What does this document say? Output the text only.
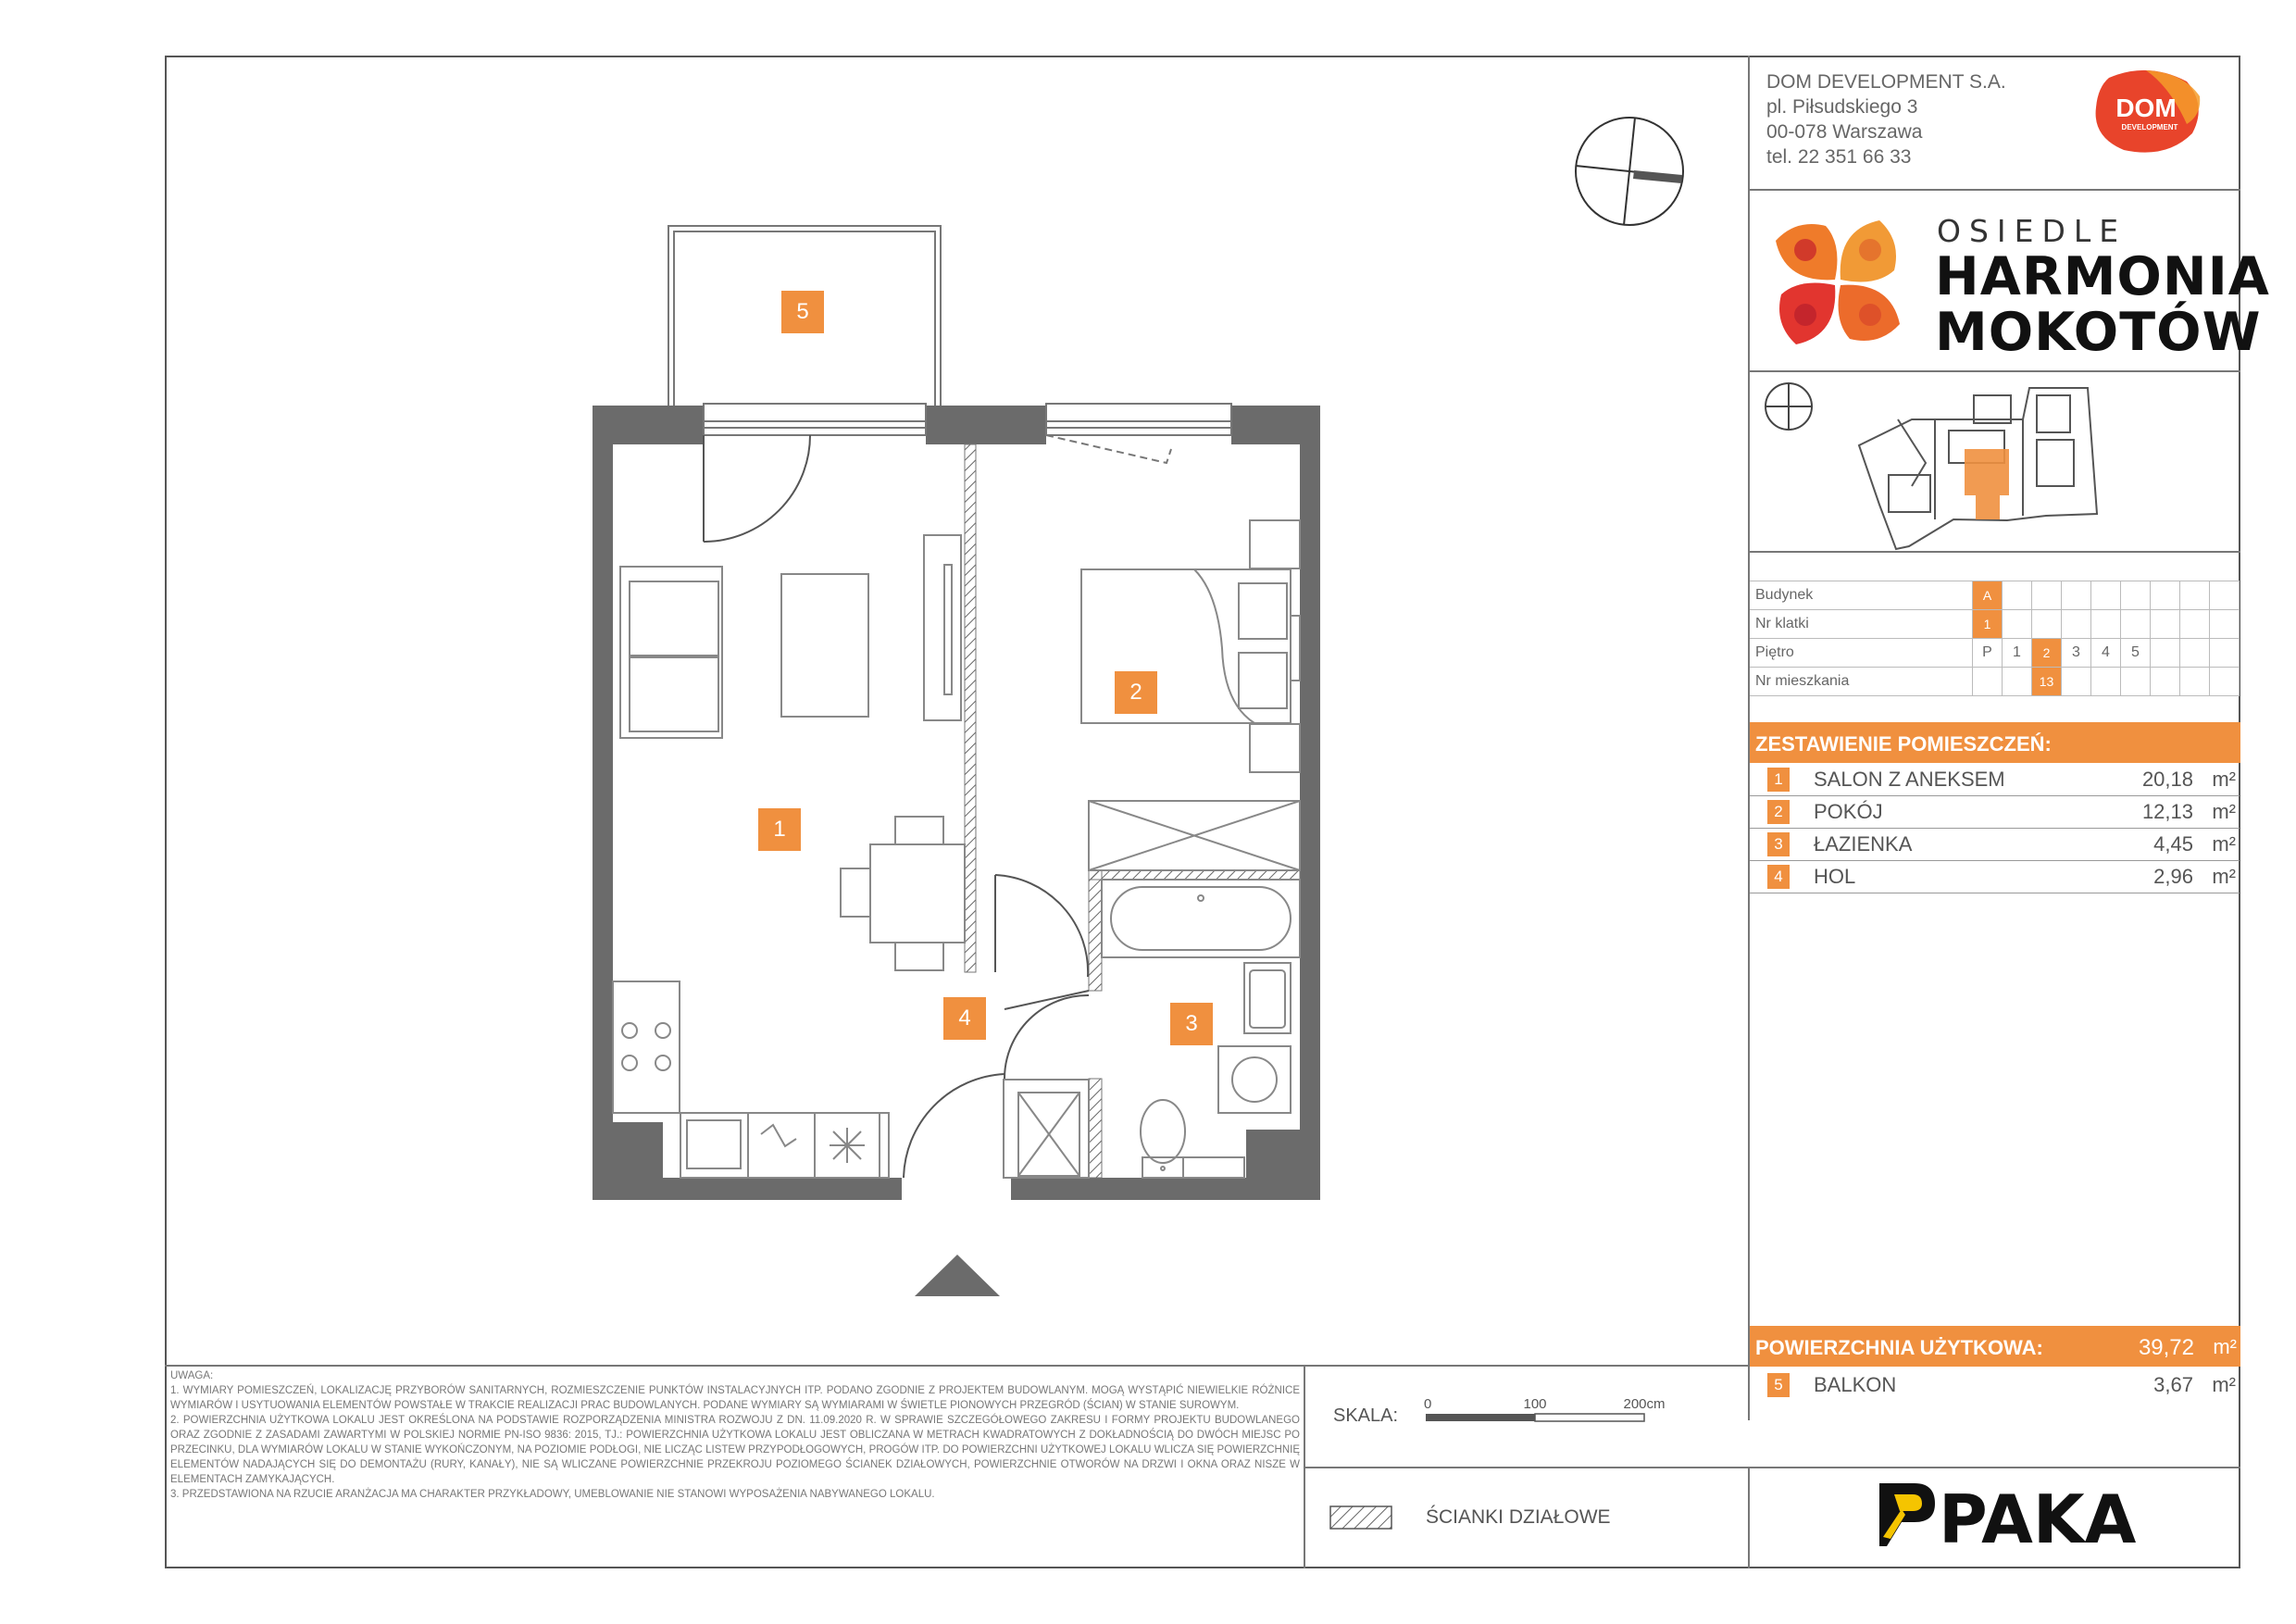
DOM DEVELOPMENT S.A.
pl. Piłsudskiego 3
00-078 Warszawa
tel. 22 351 66 33
DOM
DEVELOPMENT
OSIEDLE
HARMONIA
MOKOTÓW
Budynek	A								
Nr klatki	1								
Piętro	P	1	2	3	4	5			
Nr mieszkania			13						
ZESTAWIENIE POMIESZCZEŃ:
1	SALON Z ANEKSEM	20,18 m²
2	POKÓJ	12,13 m²
3	ŁAZIENKA	4,45 m²
4	HOL	2,96 m²
POWIERZCHNIA UŻYTKOWA:	39,72 m²
5	BALKON	3,67 m²
1
2
3
4
5

UWAGA:

1. WYMIARY POMIESZCZEŃ, LOKALIZACJĘ PRZYBORÓW SANITARNYCH, ROZMIESZCZENIE PUNKTÓW INSTALACYJNYCH ITP. PODANO ZGODNIE Z PROJEKTEM BUDOWLANYM. MOGĄ WYSTĄPIĆ NIEWIELKIE RÓŻNICE WYMIARÓW I USYTUOWANIA ELEMENTÓW POWSTAŁE W TRAKCIE REALIZACJI PRAC BUDOWLANYCH. PODANE WYMIARY SĄ WYMIARAMI W ŚWIETLE PIONOWYCH PRZEGRÓD (ŚCIAN) W STANIE SUROWYM.

2. POWIERZCHNIA UŻYTKOWA LOKALU JEST OKREŚLONA NA PODSTAWIE ROZPORZĄDZENIA MINISTRA ROZWOJU Z DN. 11.09.2020 R. W SPRAWIE SZCZEGÓŁOWEGO ZAKRESU I FORMY PROJEKTU BUDOWLANEGO ORAZ ZGODNIE Z ZASADAMI ZAWARTYMI W POLSKIEJ NORMIE PN-ISO 9836: 2015, TJ.: POWIERZCHNIA UŻYTKOWA LOKALU JEST OBLICZANA W METRACH KWADRATOWYCH Z DOKŁADNOŚCIĄ DO DWÓCH MIEJSC PO PRZECINKU, DLA WYMIARÓW LOKALU W STANIE WYKOŃCZONYM, NA POZIOMIE PODŁOGI, NIE LICZĄC LISTEW PRZYPODŁOGOWYCH, PROGÓW ITP. DO POWIERZCHNI UŻYTKOWEJ LOKALU WLICZA SIĘ POWIERZCHNIĘ ELEMENTÓW NADAJĄCYCH SIĘ DO DEMONTAŻU (RURY, KANAŁY), NIE SĄ WLICZANE POWIERZCHNIE PRZEKROJU POZIOMEGO ŚCIANEK DZIAŁOWYCH, POWIERZCHNIE OTWORÓW NA DRZWI I OKNA ORAZ NISZE W ELEMENTACH ZAMYKAJĄCYCH.

3. PRZEDSTAWIONA NA RZUCIE ARANŻACJA MA CHARAKTER PRZYKŁADOWY, UMEBLOWANIE NIE STANOWI WYPOSAŻENIA NABYWANEGO LOKALU.

SKALA:
0	100	200cm
ŚCIANKI DZIAŁOWE	PAKA
